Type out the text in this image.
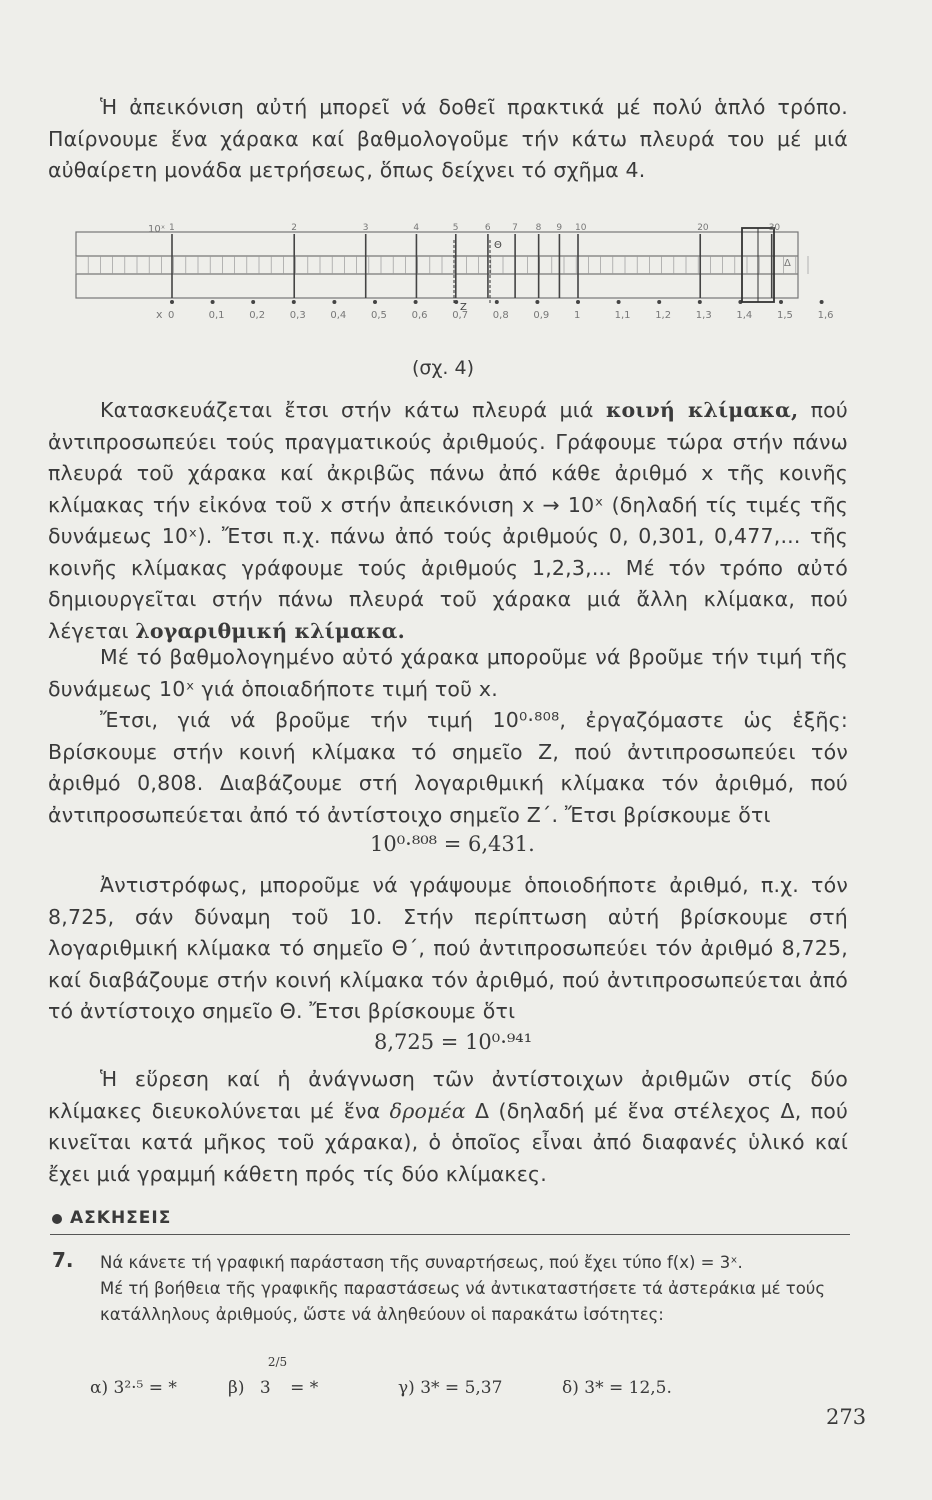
Ἡ ἀπεικόνιση αὐτή μπορεῖ νά δοθεῖ πρακτικά μέ πολύ ἁπλό τρόπο. Παίρνουμε ἕνα χάρακα καί βαθμολογοῦμε τήν κάτω πλευρά του μέ μιά αὐθαίρετη μονάδα μετρήσεως, ὅπως δείχνει τό σχῆμα 4.

1	2	3	4	5	6 7 8 9 10	20	30
0	0,1 0,2 0,3 0,4 0,5 0,6 0,7 0,8 0,9 1	1,1 1,2 1,3 1,4 1,5 1,6
10ˣ
x
Ζ
Θ
Δ
(σχ. 4)

Κατασκευάζεται ἔτσι στήν κάτω πλευρά μιά κοινή κλίμακα, πού ἀντιπροσωπεύει τούς πραγματικούς ἀριθμούς. Γράφουμε τώρα στήν πάνω πλευρά τοῦ χάρακα καί ἀκριβῶς πάνω ἀπό κάθε ἀριθμό x τῆς κοινῆς κλίμακας τήν εἰκόνα τοῦ x στήν ἀπεικόνιση x → 10ˣ (δηλαδή τίς τιμές τῆς δυνάμεως 10ˣ). Ἔτσι π.χ. πάνω ἀπό τούς ἀριθμούς 0, 0,301, 0,477,... τῆς κοινῆς κλίμακας γράφουμε τούς ἀριθμούς 1,2,3,... Μέ τόν τρόπο αὐτό δημιουργεῖται στήν πάνω πλευρά τοῦ χάρακα μιά ἄλλη κλίμακα, πού λέγεται λογαριθμική κλίμακα.

Μέ τό βαθμολογημένο αὐτό χάρακα μποροῦμε νά βροῦμε τήν τιμή τῆς δυνάμεως 10ˣ γιά ὁποιαδήποτε τιμή τοῦ x.

Ἔτσι, γιά νά βροῦμε τήν τιμή 10⁰·⁸⁰⁸, ἐργαζόμαστε ὡς ἑξῆς: Βρίσκουμε στήν κοινή κλίμακα τό σημεῖο Ζ, πού ἀντιπροσωπεύει τόν ἀριθμό 0,808. Διαβάζουμε στή λογαριθμική κλίμακα τόν ἀριθμό, πού ἀντιπροσωπεύεται ἀπό τό ἀντίστοιχο σημεῖο Ζ΄. Ἔτσι βρίσκουμε ὅτι

10⁰·⁸⁰⁸ = 6,431.

Ἀντιστρόφως, μποροῦμε νά γράψουμε ὁποιοδήποτε ἀριθμό, π.χ. τόν 8,725, σάν δύναμη τοῦ 10. Στήν περίπτωση αὐτή βρίσκουμε στή λογαριθμική κλίμακα τό σημεῖο Θ΄, πού ἀντιπροσωπεύει τόν ἀριθμό 8,725, καί διαβάζουμε στήν κοινή κλίμακα τόν ἀριθμό, πού ἀντιπροσωπεύεται ἀπό τό ἀντίστοιχο σημεῖο Θ. Ἔτσι βρίσκουμε ὅτι

8,725 = 10⁰·⁹⁴¹

Ἡ εὕρεση καί ἡ ἀνάγνωση τῶν ἀντίστοιχων ἀριθμῶν στίς δύο κλίμακες διευκολύνεται μέ ἕνα δρομέα Δ (δηλαδή μέ ἕνα στέλεχος Δ, πού κινεῖται κατά μῆκος τοῦ χάρακα), ὁ ὁποῖος εἶναι ἀπό διαφανές ὑλικό καί ἔχει μιά γραμμή κάθετη πρός τίς δύο κλίμακες.

ΑΣΚΗΣΕΙΣ
7. Νά κάνετε τή γραφική παράσταση τῆς συναρτήσεως, πού ἔχει τύπο f(x) = 3ˣ.

Μέ τή βοήθεια τῆς γραφικῆς παραστάσεως νά ἀντικαταστήσετε τά ἀστεράκια μέ τούς κατάλληλους ἀριθμούς, ὥστε νά ἀληθεύουν οἱ παρακάτω ἰσότητες:

α) 3²·⁵ = *	β) 3
2/5
= *	γ) 3* = 5,37	δ) 3* = 12,5.
273
